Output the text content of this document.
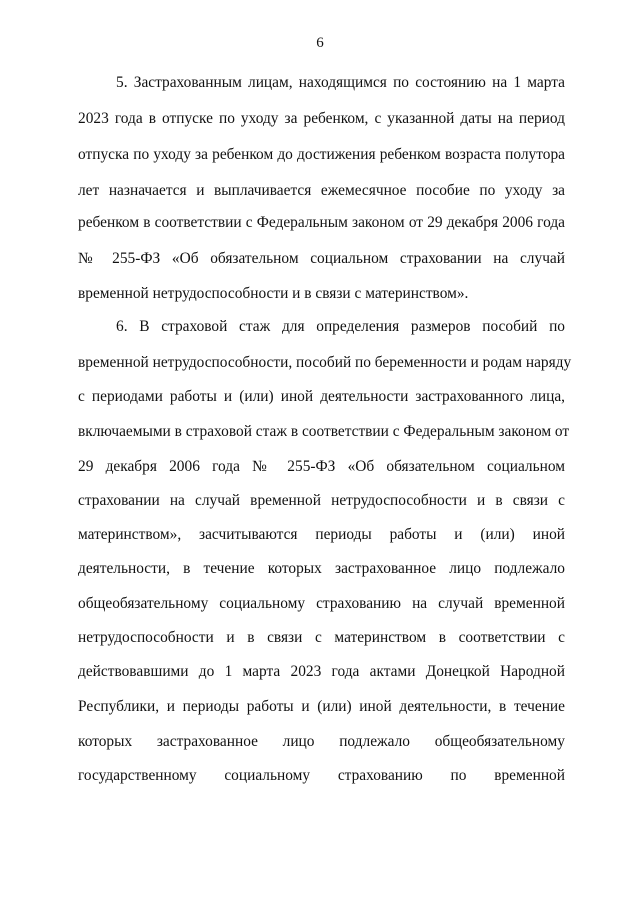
6
5. Застрахованным лицам, находящимся по состоянию на 1 марта
2023 года в отпуске по уходу за ребенком, с указанной даты на период
отпуска по уходу за ребенком до достижения ребенком возраста полутора
лет назначается и выплачивается ежемесячное пособие по уходу за
ребенком в соответствии с Федеральным законом от 29 декабря 2006 года
№ 255-ФЗ «Об обязательном социальном страховании на случай
временной нетрудоспособности и в связи с материнством».
6. В страховой стаж для определения размеров пособий по
временной нетрудоспособности, пособий по беременности и родам наряду
с периодами работы и (или) иной деятельности застрахованного лица,
включаемыми в страховой стаж в соответствии с Федеральным законом от
29 декабря 2006 года № 255-ФЗ «Об обязательном социальном
страховании на случай временной нетрудоспособности и в связи с
материнством», засчитываются периоды работы и (или) иной
деятельности, в течение которых застрахованное лицо подлежало
общеобязательному социальному страхованию на случай временной
нетрудоспособности и в связи с материнством в соответствии с
действовавшими до 1 марта 2023 года актами Донецкой Народной
Республики, и периоды работы и (или) иной деятельности, в течение
которых застрахованное лицо подлежало общеобязательному
государственному социальному страхованию по временной
